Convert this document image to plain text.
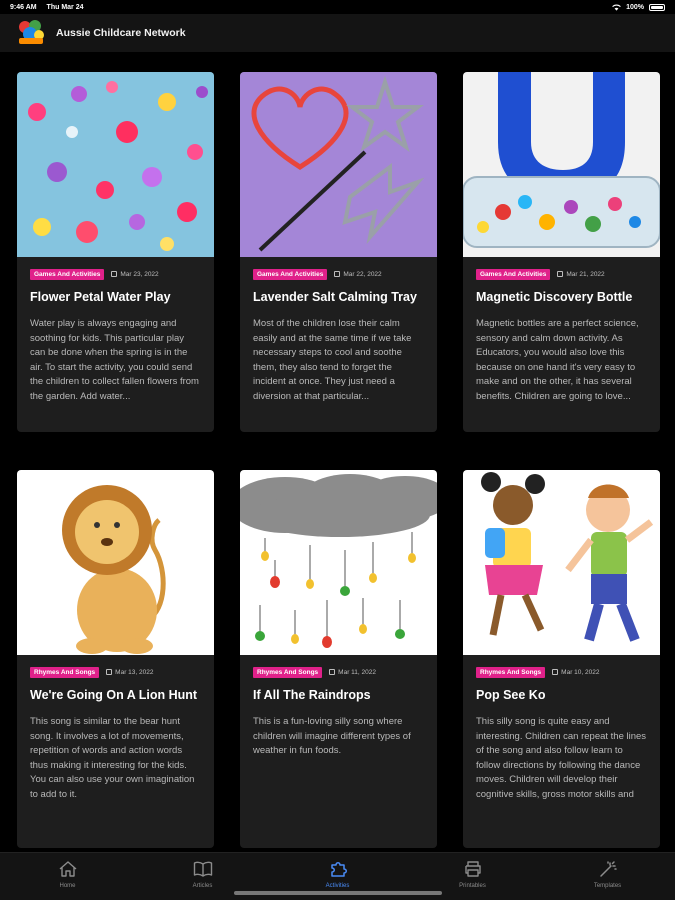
9:46 AM Thu Mar 24	100%
Aussie Childcare Network
Games And Activities	Mar 23, 2022
Flower Petal Water Play

Water play is always engaging and soothing for kids. This particular play can be done when the spring is in the air. To start the activity, you could send the children to collect fallen flowers from the garden. Add water...

Games And Activities	Mar 22, 2022
Lavender Salt Calming Tray

Most of the children lose their calm easily and at the same time if we take necessary steps to cool and soothe them, they also tend to forget the incident at once. They just need a diversion at that particular...

Games And Activities	Mar 21, 2022
Magnetic Discovery Bottle

Magnetic bottles are a perfect science, sensory and calm down activity. As Educators, you would also love this because on one hand it's very easy to make and on the other, it has several benefits. Children are going to love...

Rhymes And Songs	Mar 13, 2022
We're Going On A Lion Hunt

This song is similar to the bear hunt song. It involves a lot of movements, repetition of words and action words thus making it interesting for the kids. You can also use your own imagination to add to it.

Rhymes And Songs	Mar 11, 2022
If All The Raindrops

This is a fun-loving silly song where children will imagine different types of weather in fun foods.

Rhymes And Songs	Mar 10, 2022
Pop See Ko

This silly song is quite easy and interesting. Children can repeat the lines of the song and also follow learn to follow directions by following the dance moves. Children will develop their cognitive skills, gross motor skills and

Home	Articles	Activities	Printables	Templates
